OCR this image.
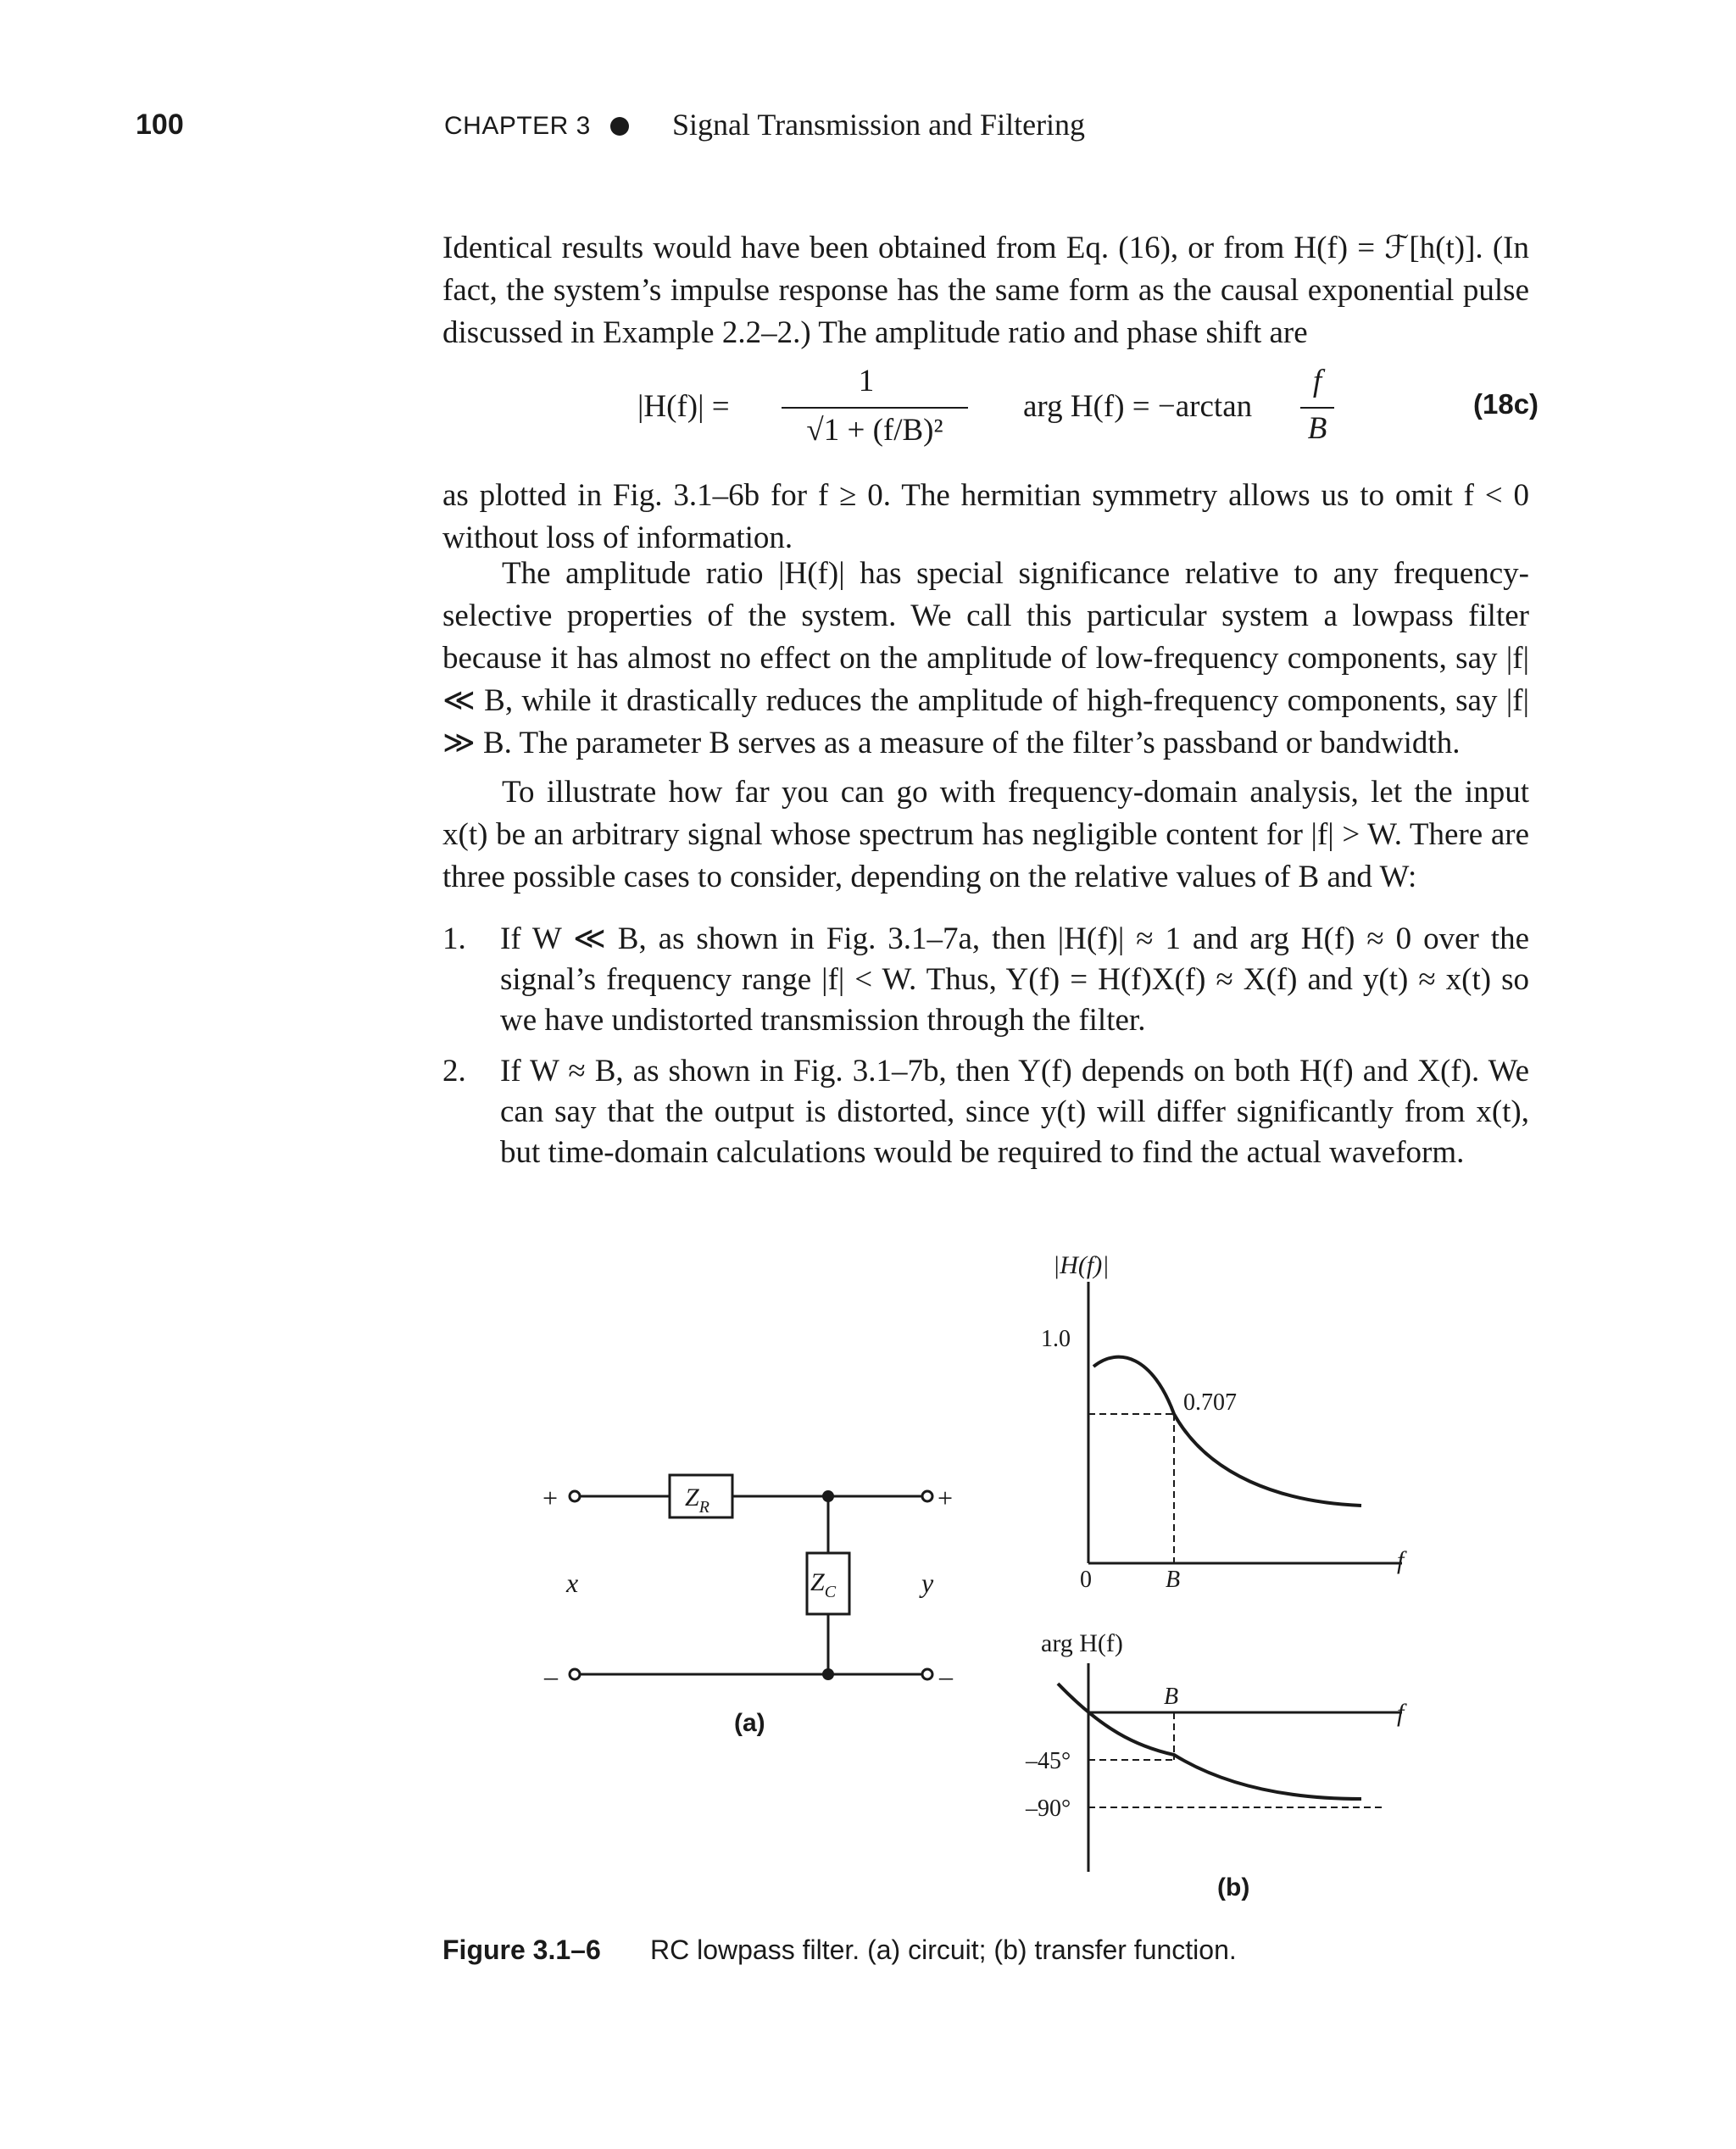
100	CHAPTER 3	Signal Transmission and Filtering
Identical results would have been obtained from Eq. (16), or from H(f) = ℱ[h(t)]. (In fact, the system’s impulse response has the same form as the causal exponential pulse discussed in Example 2.2–2.) The amplitude ratio and phase shift are
|H(f)| =
1
√1 + (f/B)²
arg H(f) = −arctan
f
B
(18c)
as plotted in Fig. 3.1–6b for f ≥ 0. The hermitian symmetry allows us to omit f < 0 without loss of information.
The amplitude ratio |H(f)| has special significance relative to any frequency-selective properties of the system. We call this particular system a lowpass filter because it has almost no effect on the amplitude of low-frequency components, say |f| ≪ B, while it drastically reduces the amplitude of high-frequency components, say |f| ≫ B. The parameter B serves as a measure of the filter’s passband or bandwidth.
To illustrate how far you can go with frequency-domain analysis, let the input x(t) be an arbitrary signal whose spectrum has negligible content for |f| > W. There are three possible cases to consider, depending on the relative values of B and W:
1. If W ≪ B, as shown in Fig. 3.1–7a, then |H(f)| ≈ 1 and arg H(f) ≈ 0 over the signal’s frequency range |f| < W. Thus, Y(f) = H(f)X(f) ≈ X(f) and y(t) ≈ x(t) so we have undistorted transmission through the filter.
2. If W ≈ B, as shown in Fig. 3.1–7b, then Y(f) depends on both H(f) and X(f). We can say that the output is distorted, since y(t) will differ significantly from x(t), but time-domain calculations would be required to find the actual waveform.
+
–
+
–
x	y
$Z_R$
$Z_C$
(a)
|H(f)|
1.0
0.707
0	B
f
arg H(f)
B
f
–45°
–90°
(b)
Figure 3.1–6 RC lowpass filter. (a) circuit; (b) transfer function.
